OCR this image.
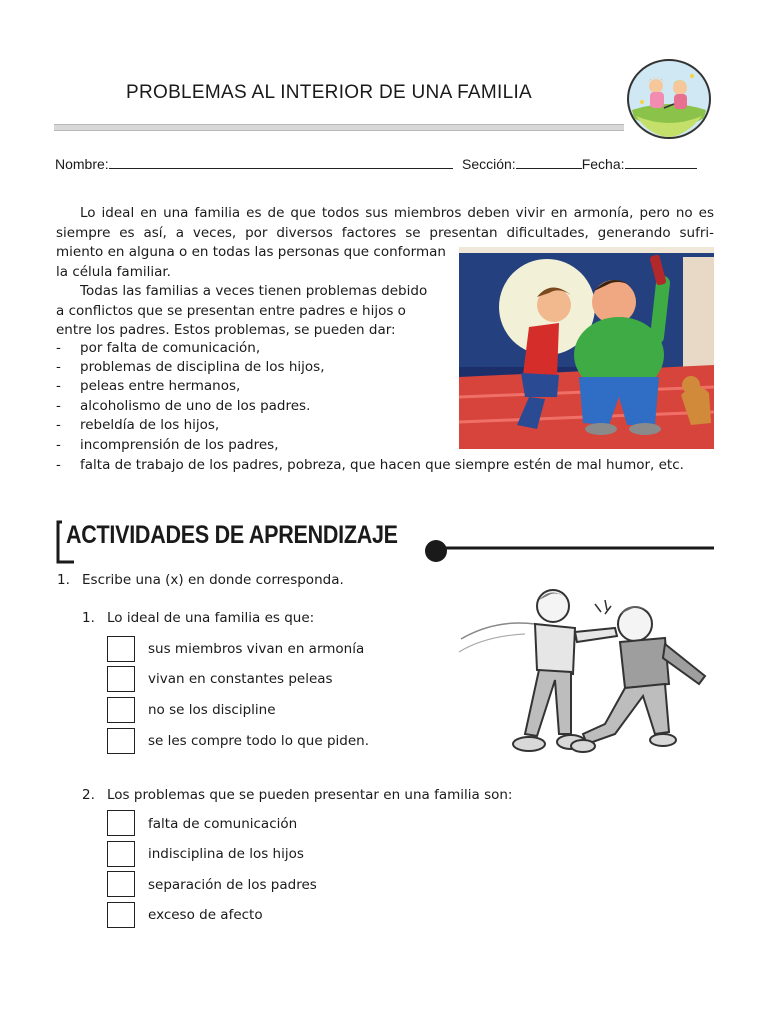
PROBLEMAS AL INTERIOR DE UNA FAMILIA
Nombre:	Sección:	Fecha:
Lo ideal en una familia es de que todos sus miembros deben vivir en armonía, pero no es
siempre es así, a veces, por diversos factores se presentan dificultades, generando sufri-
miento en alguna o en todas las personas que conforman
la célula familiar.
Todas las familias a veces tienen problemas debido
a conflictos que se presentan entre padres e hijos o
entre los padres. Estos problemas, se pueden dar:
- por falta de comunicación,
- problemas de disciplina de los hijos,
- peleas entre hermanos,
- alcoholismo de uno de los padres.
- rebeldía de los hijos,
- incomprensión de los padres,
- falta de trabajo de los padres, pobreza, que hacen que siempre estén de mal humor, etc.
ACTIVIDADES DE APRENDIZAJE
1. Escribe una (x) en donde corresponda.
1. Lo ideal de una familia es que:
sus miembros vivan en armonía
vivan en constantes peleas
no se los discipline
se les compre todo lo que piden.
2. Los problemas que se pueden presentar en una familia son:
falta de comunicación
indisciplina de los hijos
separación de los padres
exceso de afecto
